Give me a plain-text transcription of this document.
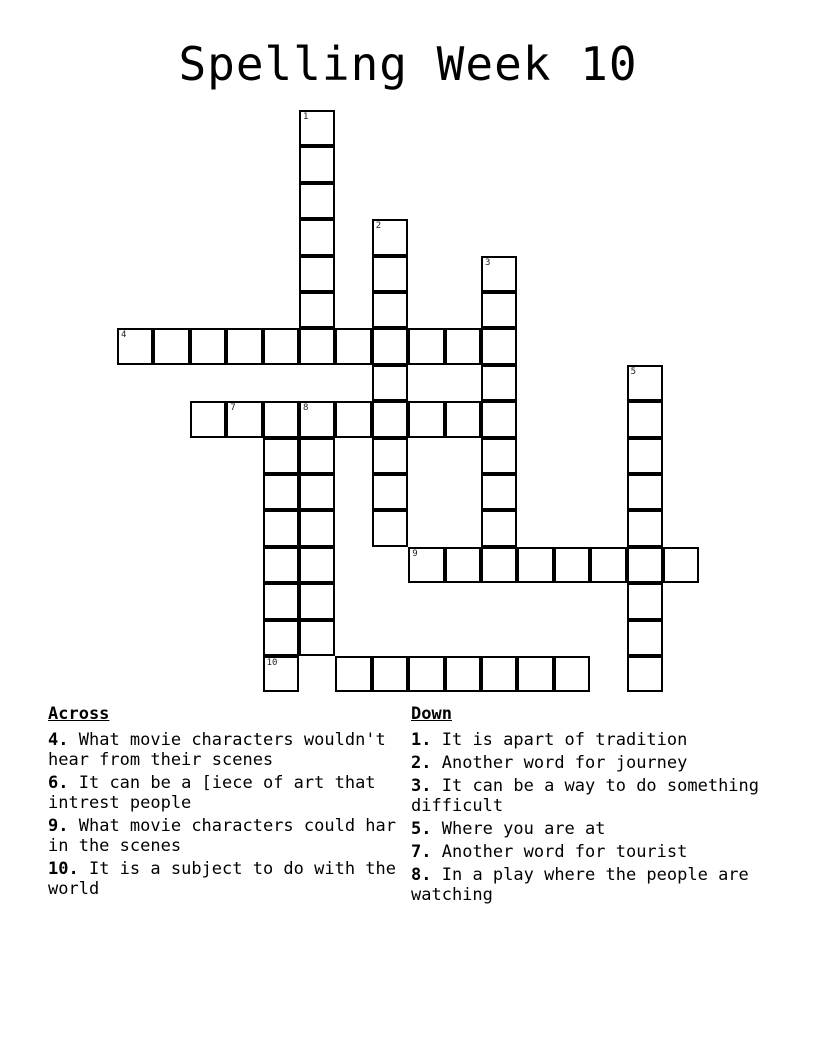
Spelling Week 10
1
2
3
4
7	8
5
9
10
Across
4. What movie characters wouldn't hear from their scenes
6. It can be a [iece of art that intrest people
9. What movie characters could har in the scenes
10. It is a subject to do with the world
Down
1. It is apart of tradition
2. Another word for journey
3. It can be a way to do something difficult
5. Where you are at
7. Another word for tourist
8. In a play where the people are watching
